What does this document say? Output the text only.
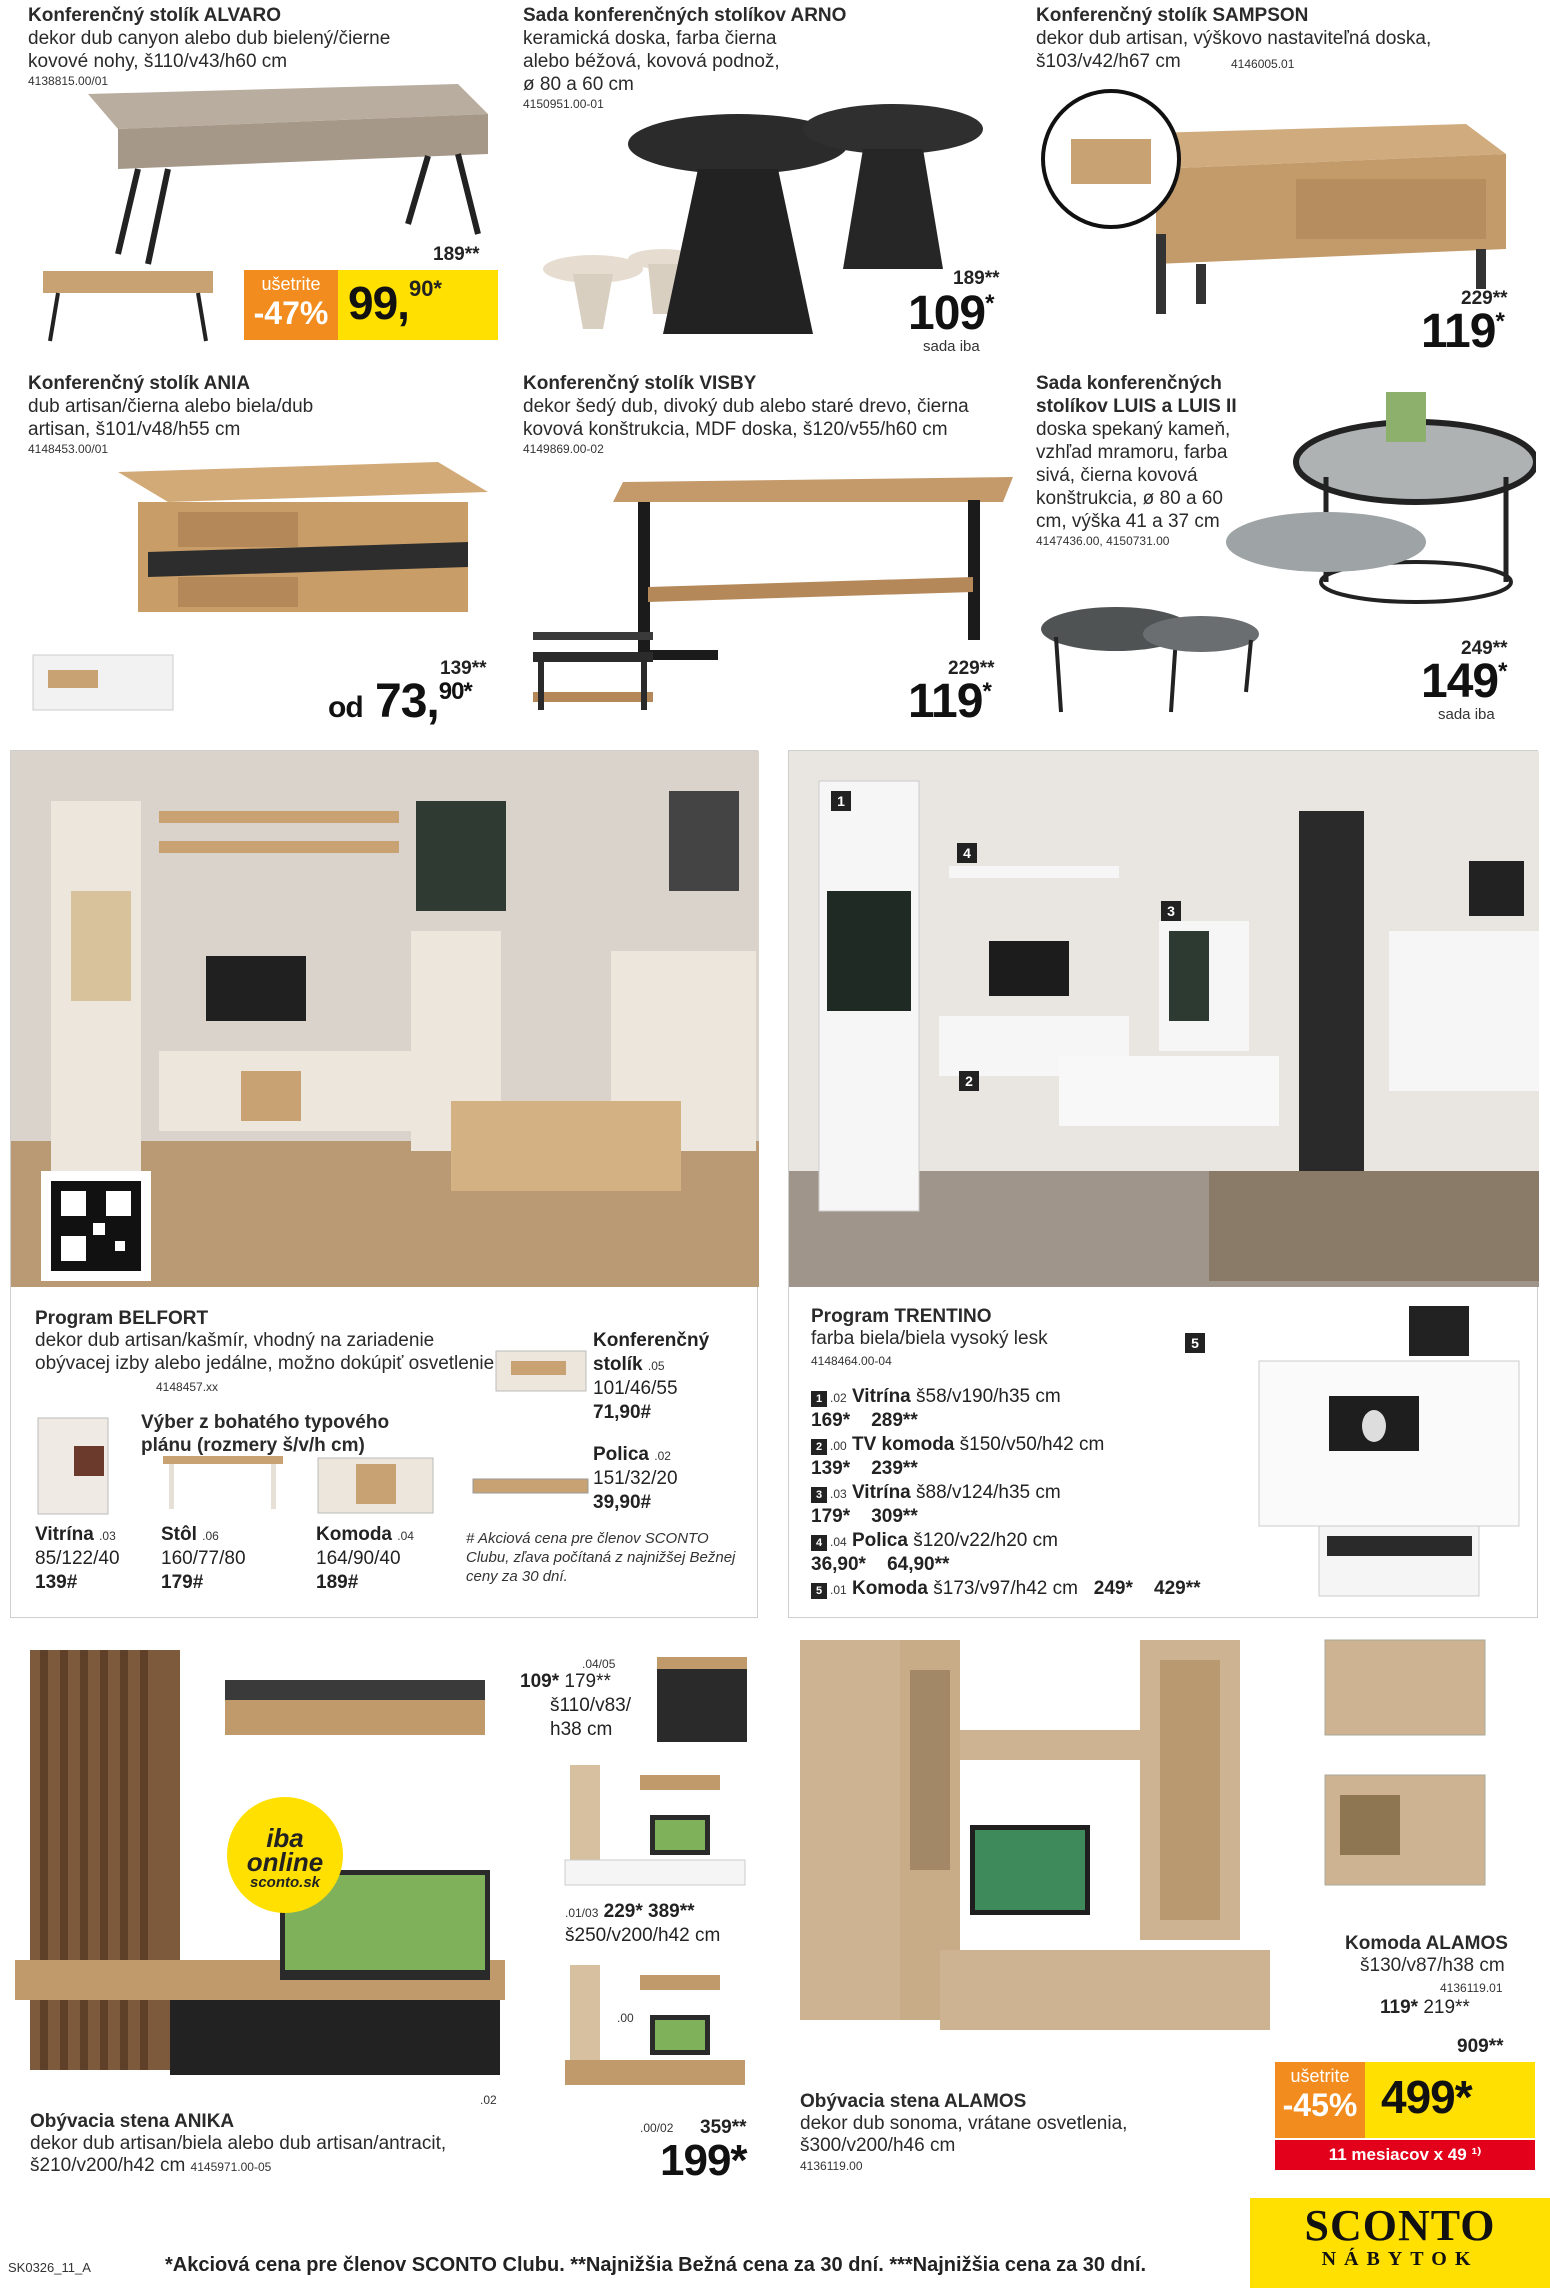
Konferenčný stolík ALVARO
dekor dub canyon alebo dub bielený/čierne kovové nohy, š110/v43/h60 cm
4138815.00/01
189**
ušetrite
-47% 99,$^{90*}$
Sada konferenčných stolíkov ARNO
keramická doska, farba čierna alebo béžová, kovová podnož, ø 80 a 60 cm
4150951.00-01
189**
109*
sada iba
Konferenčný stolík SAMPSON
dekor dub artisan, výškovo nastaviteľná doska, š103/v42/h67 cm	4146005.01
229**
119*
Konferenčný stolík ANIA
dub artisan/čierna alebo biela/dub artisan, š101/v48/h55 cm
4148453.00/01
139**
od 73,$^{90*}$
Konferenčný stolík VISBY
dekor šedý dub, divoký dub alebo staré drevo, čierna kovová konštrukcia, MDF doska, š120/v55/h60 cm
4149869.00-02
229**
119*
Sada konferenčných stolíkov LUIS a LUIS II
doska spekaný kameň, vzhľad mramoru, farba sivá, čierna kovová konštrukcia, ø 80 a 60 cm, výška 41 a 37 cm
4147436.00, 4150731.00
249**
149*
sada iba
Program BELFORT
dekor dub artisan/kašmír, vhodný na zariadenie obývacej izby alebo jedálne, možno dokúpiť osvetlenie
4148457.xx
Výber z bohatého typového plánu (rozmery š/v/h cm)
Vitrína .03
85/122/40
139#
Stôl .06
160/77/80
179#
Komoda .04
164/90/40
189#
Konferenčný stolík .05
101/46/55
71,90#
Polica .02
151/32/20
39,90#
# Akciová cena pre členov SCONTO Clubu, zľava počítaná z najnižšej Bežnej ceny za 30 dní.
1
4
3
2
5
Program TRENTINO
farba biela/biela vysoký lesk
4148464.00-04
1 .02 Vitrína š58/v190/h35 cm
169* 289**
2 .00 TV komoda š150/v50/h42 cm
139* 239**
3 .03 Vitrína š88/v124/h35 cm
179* 309**
4 .04 Polica š120/v22/h20 cm
36,90* 64,90**
5 .01 Komoda š173/v97/h42 cm 249* 429**
iba
online
sconto.sk
.04/05
109* 179**
š110/v83/
h38 cm
.01/03 229* 389**
š250/v200/h42 cm
.00
.02
Obývacia stena ANIKA
dekor dub artisan/biela alebo dub artisan/antracit,
š210/v200/h42 cm 4145971.00-05
.00/02 359**
199*
Komoda ALAMOS
š130/v87/h38 cm
4136119.01
119* 219**
Obývacia stena ALAMOS
dekor dub sonoma, vrátane osvetlenia,
š300/v200/h46 cm
4136119.00
909**
ušetrite
-45% 499*
11 mesiacov x 49 ¹⁾
SK0326_11_A	*Akciová cena pre členov SCONTO Clubu. **Najnižšia Bežná cena za 30 dní. ***Najnižšia cena za 30 dní.
SCONTO
NÁBYTOK
